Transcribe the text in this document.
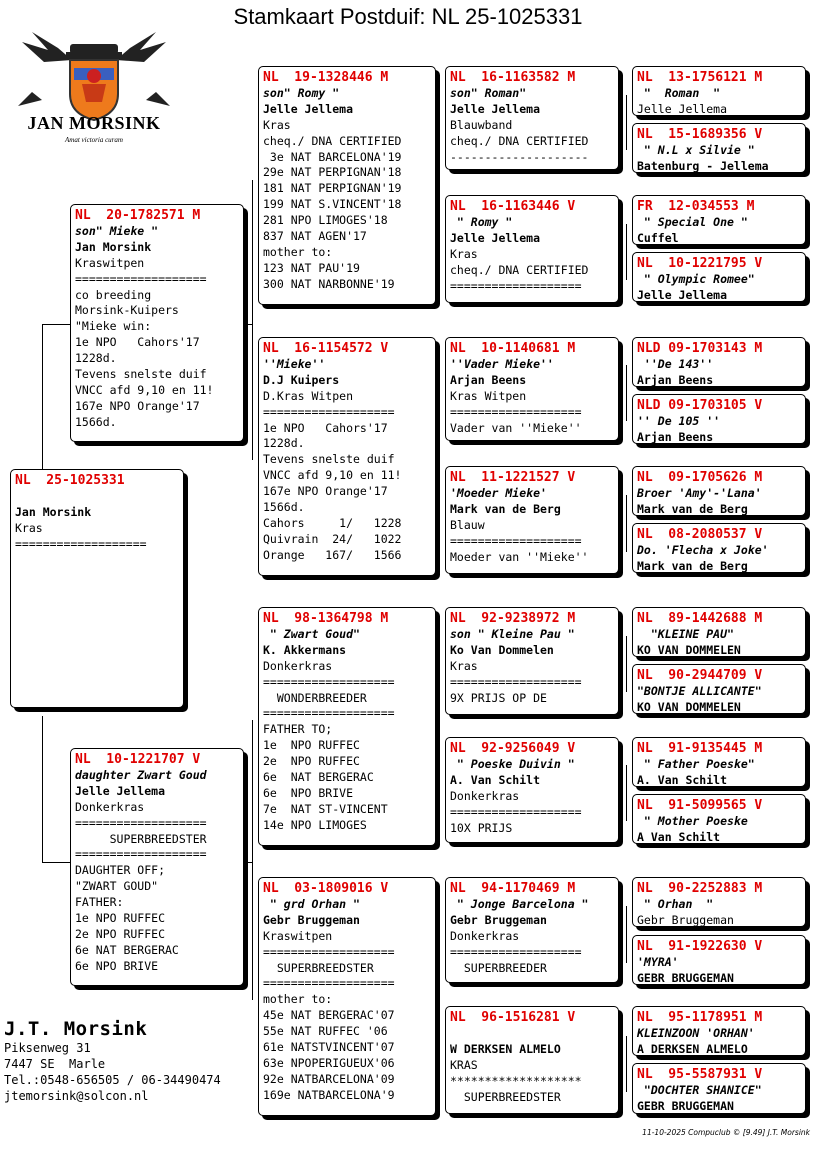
Stamkaart Postduif: NL 25-1025331
JAN MORSINK
Amat victoria curam
NL  25-1025331

Jan Morsink
Kras
===================
NL  20-1782571 M
son" Mieke "
Jan Morsink
Kraswitpen
===================
co breeding
Morsink-Kuipers
"Mieke win:
1e NPO   Cahors'17
1228d.
Tevens snelste duif
VNCC afd 9,10 en 11!
167e NPO Orange'17
1566d.
NL  10-1221707 V
daughter Zwart Goud
Jelle Jellema
Donkerkras
===================
SUPERBREEDSTER
===================
DAUGHTER OFF;
"ZWART GOUD"
FATHER:
1e NPO RUFFEC
2e NPO RUFFEC
6e NAT BERGERAC
6e NPO BRIVE
NL  19-1328446 M
son" Romy "
Jelle Jellema
Kras
cheq./ DNA CERTIFIED
3e NAT BARCELONA'19
29e NAT PERPIGNAN'18
181 NAT PERPIGNAN'19
199 NAT S.VINCENT'18
281 NPO LIMOGES'18
837 NAT AGEN'17
mother to:
123 NAT PAU'19
300 NAT NARBONNE'19
NL  16-1154572 V
''Mieke''
D.J Kuipers
D.Kras Witpen
===================
1e NPO   Cahors'17
1228d.
Tevens snelste duif
VNCC afd 9,10 en 11!
167e NPO Orange'17
1566d.
Cahors     1/   1228
Quivrain  24/   1022
Orange   167/   1566
NL  98-1364798 M
" Zwart Goud"
K. Akkermans
Donkerkras
===================
WONDERBREEDER
===================
FATHER TO;
1e  NPO RUFFEC
2e  NPO RUFFEC
6e  NAT BERGERAC
6e  NPO BRIVE
7e  NAT ST-VINCENT
14e NPO LIMOGES
NL  03-1809016 V
" grd Orhan "
Gebr Bruggeman
Kraswitpen
===================
SUPERBREEDSTER
===================
mother to:
45e NAT BERGERAC'07
55e NAT RUFFEC '06
61e NATSTVINCENT'07
63e NPOPERIGUEUX'06
92e NATBARCELONA'09
169e NATBARCELONA'9
NL  16-1163582 M
son" Roman"
Jelle Jellema
Blauwband
cheq./ DNA CERTIFIED
--------------------
NL  16-1163446 V
" Romy "
Jelle Jellema
Kras
cheq./ DNA CERTIFIED
===================
NL  10-1140681 M
''Vader Mieke''
Arjan Beens
Kras Witpen
===================
Vader van ''Mieke''
NL  11-1221527 V
'Moeder Mieke'
Mark van de Berg
Blauw
===================
Moeder van ''Mieke''
NL  92-9238972 M
son " Kleine Pau "
Ko Van Dommelen
Kras
===================
9X PRIJS OP DE
NL  92-9256049 V
" Poeske Duivin "
A. Van Schilt
Donkerkras
===================
10X PRIJS
NL  94-1170469 M
" Jonge Barcelona "
Gebr Bruggeman
Donkerkras
===================
SUPERBREEDER
NL  96-1516281 V

W DERKSEN ALMELO
KRAS
*******************
SUPERBREEDSTER
NL  13-1756121 M
"  Roman  "
Jelle Jellema
NL  15-1689356 V
" N.L x Silvie "
Batenburg - Jellema
FR  12-034553 M
" Special One "
Cuffel
NL  10-1221795 V
" Olympic Romee"
Jelle Jellema
NLD 09-1703143 M
''De 143''
Arjan Beens
NLD 09-1703105 V
'' De 105 ''
Arjan Beens
NL  09-1705626 M
Broer 'Amy'-'Lana'
Mark van de Berg
NL  08-2080537 V
Do. 'Flecha x Joke'
Mark van de Berg
NL  89-1442688 M
"KLEINE PAU"
KO VAN DOMMELEN
NL  90-2944709 V
"BONTJE ALLICANTE"
KO VAN DOMMELEN
NL  91-9135445 M
" Father Poeske"
A. Van Schilt
NL  91-5099565 V
" Mother Poeske
A Van Schilt
NL  90-2252883 M
" Orhan  "
Gebr Bruggeman
NL  91-1922630 V
'MYRA'
GEBR BRUGGEMAN
NL  95-1178951 M
KLEINZOON 'ORHAN'
A DERKSEN ALMELO
NL  95-5587931 V
"DOCHTER SHANICE"
GEBR BRUGGEMAN
J.T. Morsink
Piksenweg 31
7447 SE  Marle
Tel.:0548-656505 / 06-34490474
jtemorsink@solcon.nl
11-10-2025 Compuclub © [9.49] J.T. Morsink
